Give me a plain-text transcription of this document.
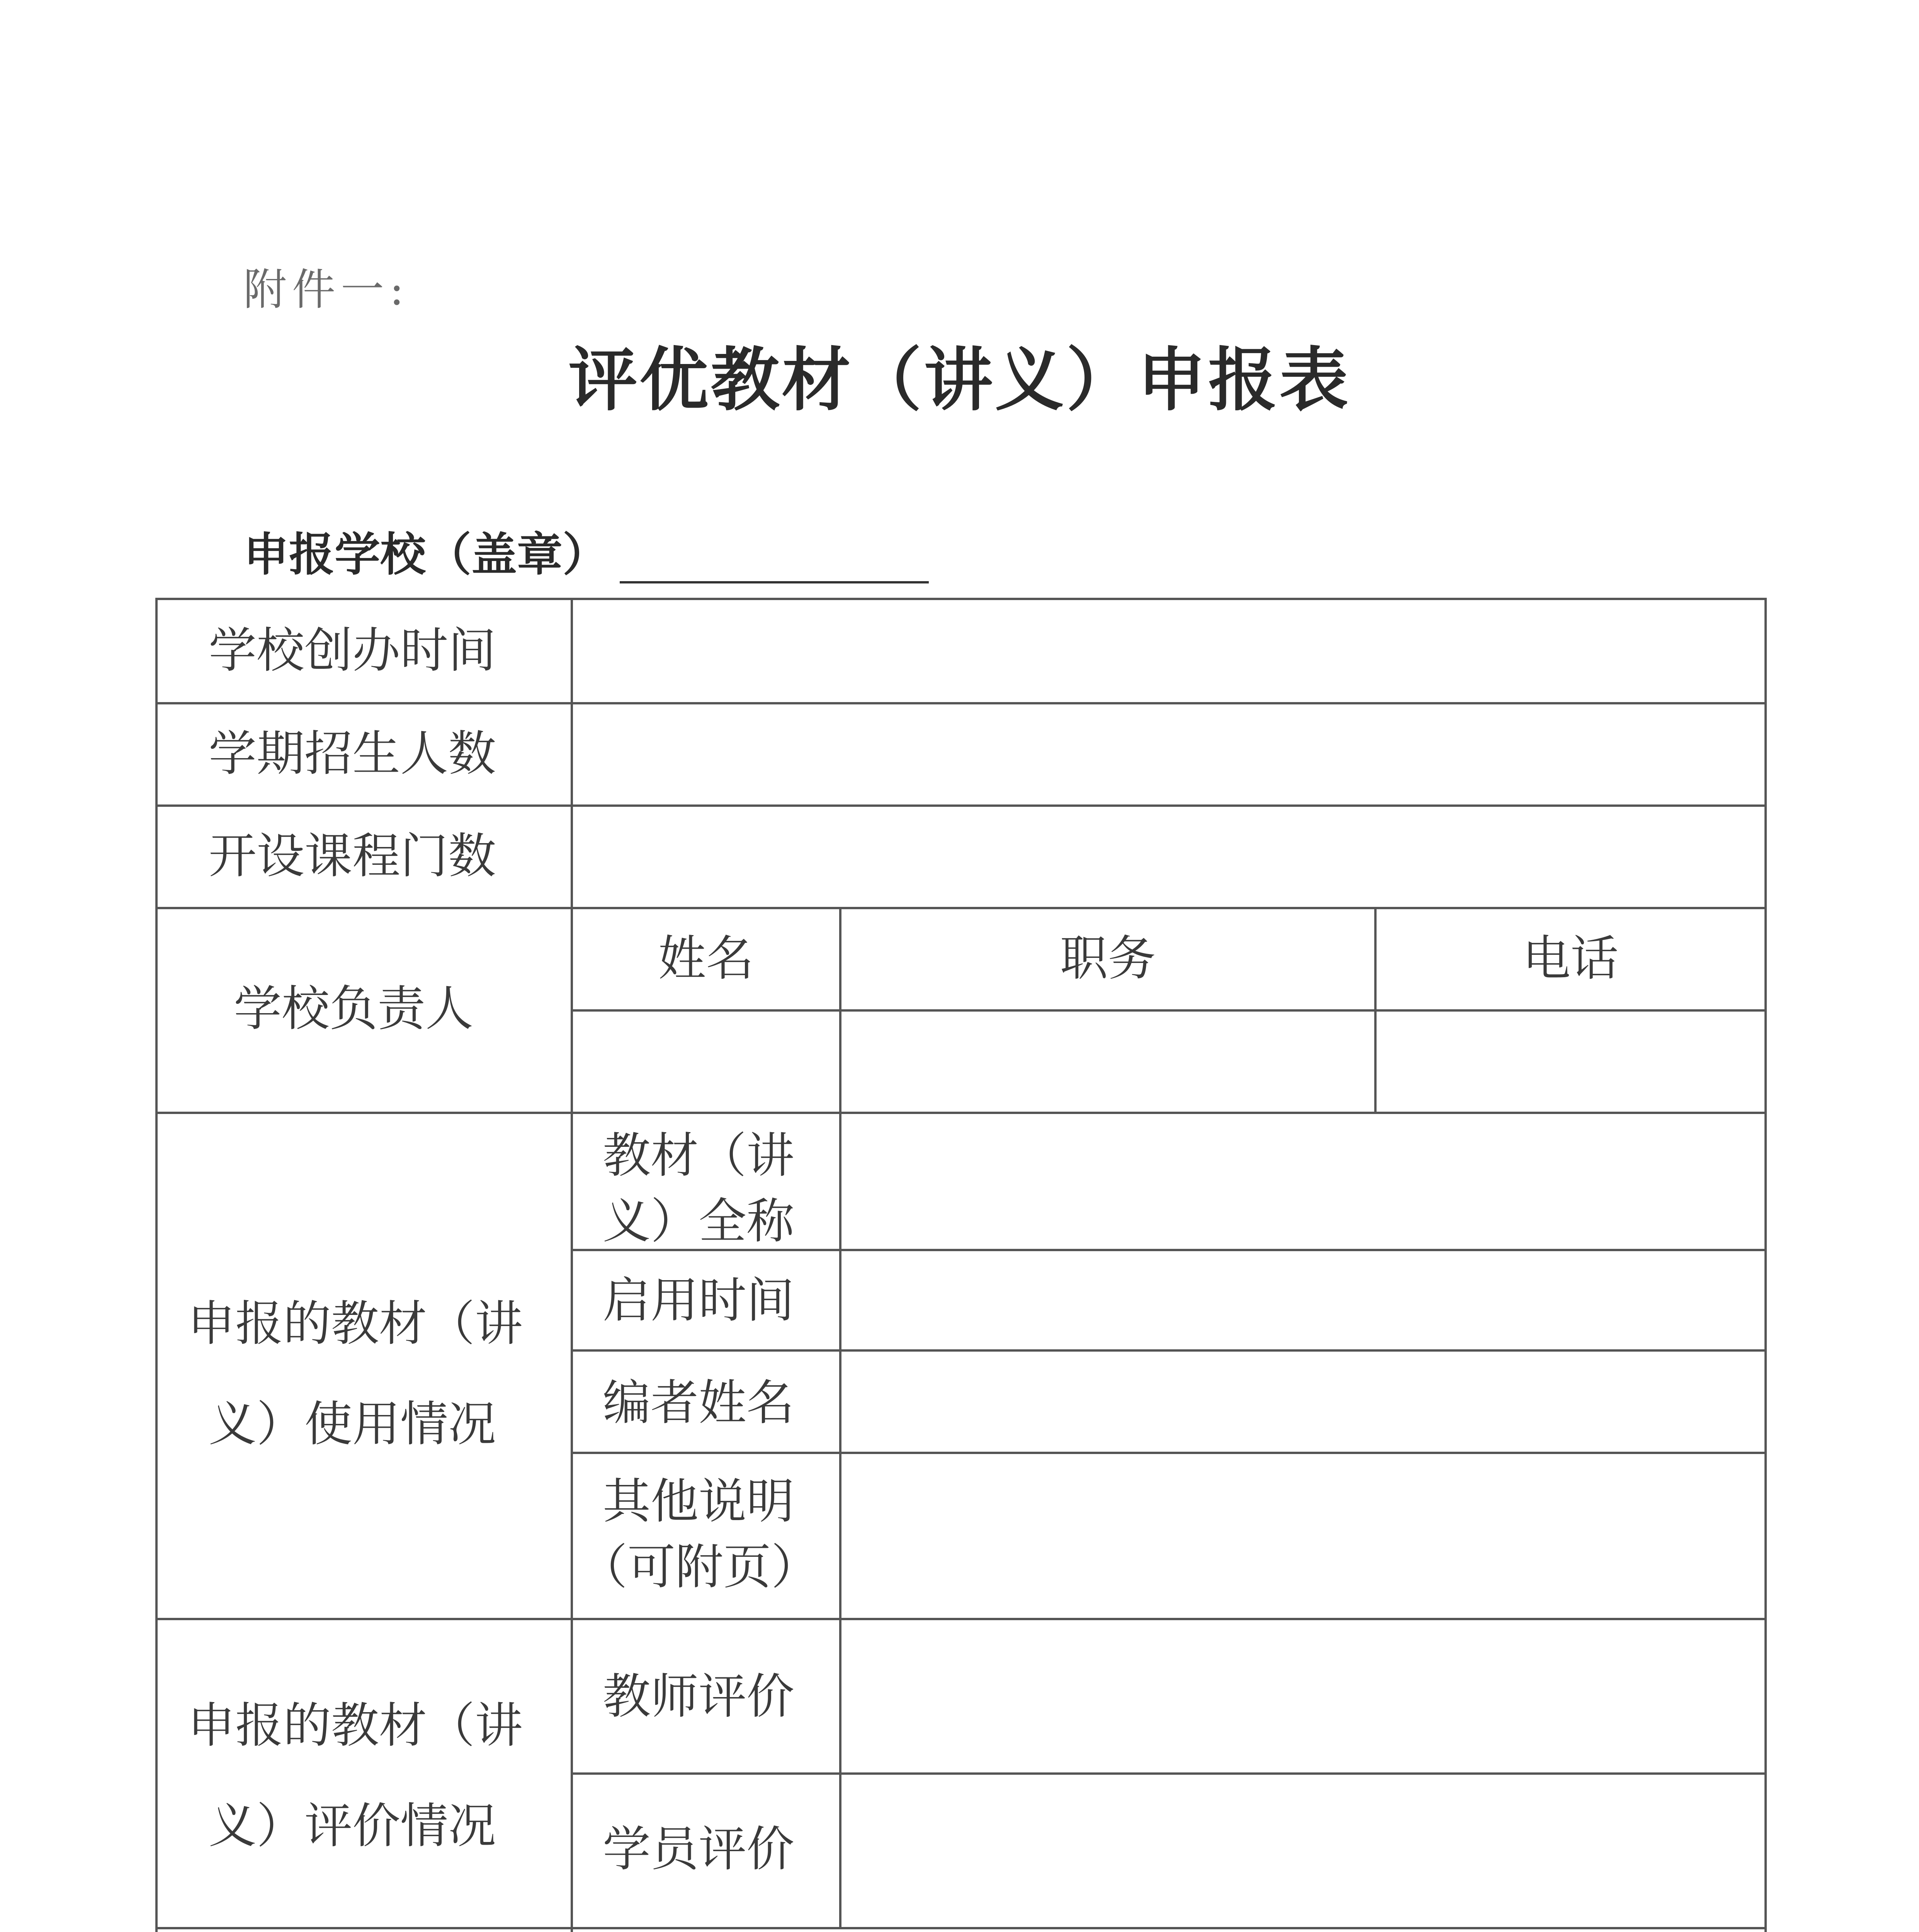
附件一:
评优教材（讲义）申报表
申报学校（盖章）
学校创办时间
学期招生人数
开设课程门数
学校负责人
姓名	职务	电话
申报的教材（讲
义）使用情况
教材（讲
义）全称
启用时间
编者姓名
其他说明
（可附页）
申报的教材（讲
义）评价情况
教师评价
学员评价
